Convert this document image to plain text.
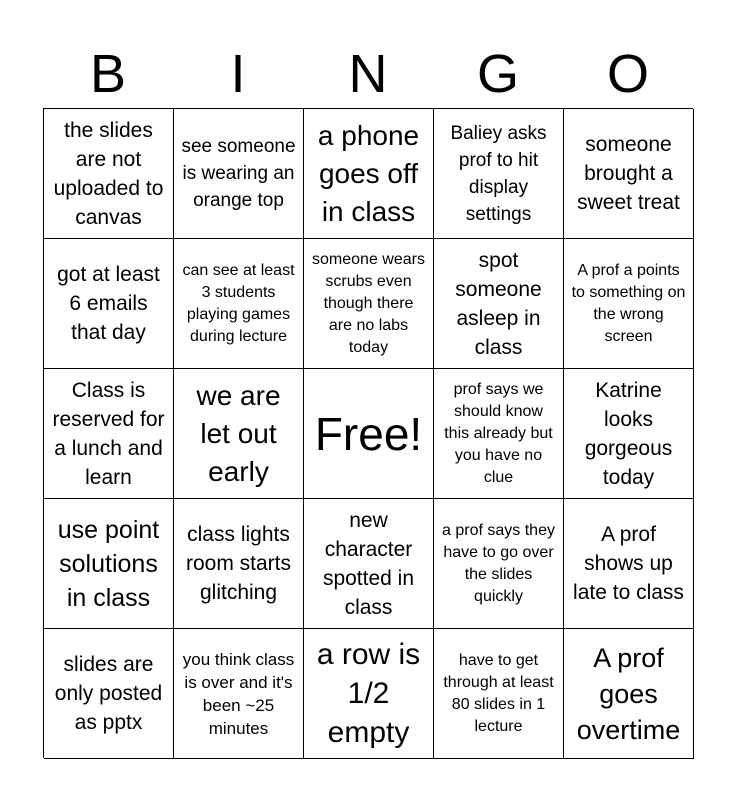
B	I	N	G	O
the slides are not uploaded to canvas
see someone is wearing an orange top
a phone goes off in class
Baliey asks prof to hit display settings
someone brought a sweet treat
got at least 6 emails that day
can see at least 3 students playing games during lecture
someone wears scrubs even though there are no labs today
spot someone asleep in class
A prof a points to something on the wrong screen
Class is reserved for a lunch and learn
we are let out early
Free!
prof says we should know this already but you have no clue
Katrine looks gorgeous today
use point solutions in class
class lights room starts glitching
new character spotted in class
a prof says they have to go over the slides quickly
A prof shows up late to class
slides are only posted as pptx
you think class is over and it's been ~25 minutes
a row is 1/2 empty
have to get through at least 80 slides in 1 lecture
A prof goes overtime
